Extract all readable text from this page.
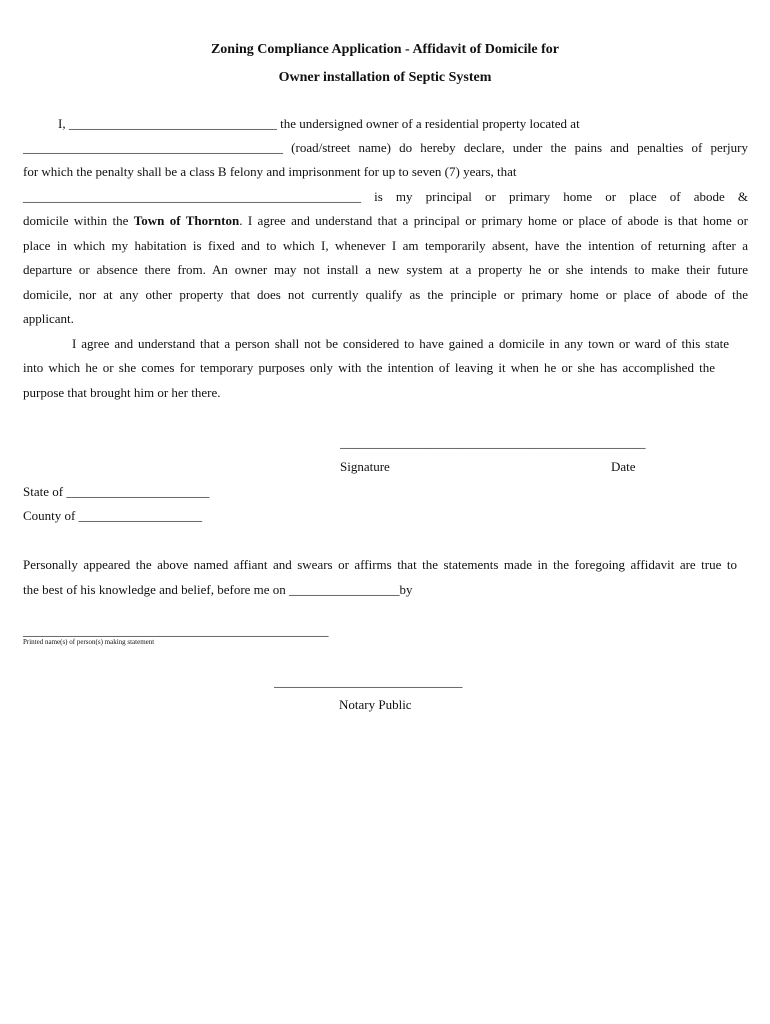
Zoning Compliance Application - Affidavit of Domicile for
Owner installation of Septic System
I, ________________________________ the undersigned owner of a residential property located at
________________________________________ (road/street name) do hereby declare, under the pains and penalties of perjury
for which the penalty shall be a class B felony and imprisonment for up to seven (7) years, that
____________________________________________________ is my principal or primary home or place of abode &
domicile within the Town of Thornton. I agree and understand that a principal or primary home or place of abode is that home or
place in which my habitation is fixed and to which I, whenever I am temporarily absent, have the intention of returning after a
departure or absence there from. An owner may not install a new system at a property he or she intends to make their future
domicile, nor at any other property that does not currently qualify as the principle or primary home or place of abode of the
applicant.
I agree and understand that a person shall not be considered to have gained a domicile in any town or ward of this state
into which he or she comes for temporary purposes only with the intention of leaving it when he or she has accomplished the
purpose that brought him or her there.
_______________________________________________
Signature	Date
State of ______________________
County of ___________________
Personally appeared the above named affiant and swears or affirms that the statements made in the foregoing affidavit are true to
the best of his knowledge and belief, before me on _________________by
_______________________________________________
Printed name(s) of person(s) making statement
_____________________________
Notary Public
